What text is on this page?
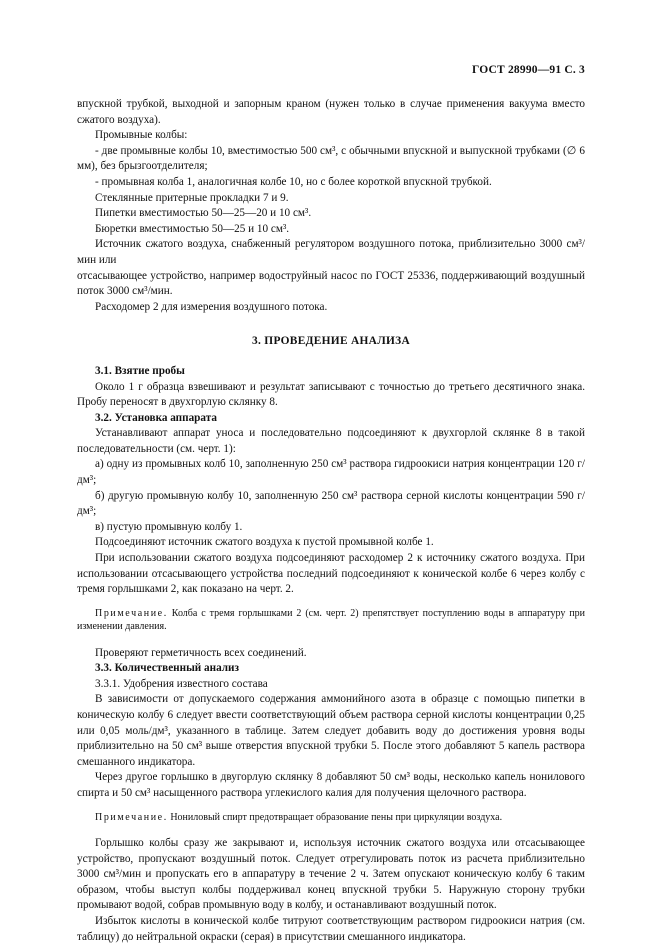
ГОСТ 28990—91 С. 3

впускной трубкой, выходной и запорным краном (нужен только в случае применения вакуума вместо сжатого воздуха).

Промывные колбы:

- две промывные колбы 10, вместимостью 500 см³, с обычными впускной и выпускной трубками (∅ 6 мм), без брызгоотделителя;

- промывная колба 1, аналогичная колбе 10, но с более короткой впускной трубкой.

Стеклянные притерные прокладки 7 и 9.

Пипетки вместимостью 50—25—20 и 10 см³.

Бюретки вместимостью 50—25 и 10 см³.

Источник сжатого воздуха, снабженный регулятором воздушного потока, приблизительно 3000 см³/мин или

отсасывающее устройство, например водоструйный насос по ГОСТ 25336, поддерживающий воздушный поток 3000 см³/мин.

Расходомер 2 для измерения воздушного потока.

3. ПРОВЕДЕНИЕ АНАЛИЗА

3.1. Взятие пробы

Около 1 г образца взвешивают и результат записывают с точностью до третьего десятичного знака. Пробу переносят в двухгорлую склянку 8.

3.2. Установка аппарата

Устанавливают аппарат уноса и последовательно подсоединяют к двухгорлой склянке 8 в такой последовательности (см. черт. 1):

а) одну из промывных колб 10, заполненную 250 см³ раствора гидроокиси натрия концентрации 120 г/дм³;

б) другую промывную колбу 10, заполненную 250 см³ раствора серной кислоты концентрации 590 г/дм³;

в) пустую промывную колбу 1.

Подсоединяют источник сжатого воздуха к пустой промывной колбе 1.

При использовании сжатого воздуха подсоединяют расходомер 2 к источнику сжатого воздуха. При использовании отсасывающего устройства последний подсоединяют к конической колбе 6 через колбу с тремя горлышками 2, как показано на черт. 2.

Примечание. Колба с тремя горлышками 2 (см. черт. 2) препятствует поступлению воды в аппаратуру при изменении давления.

Проверяют герметичность всех соединений.

3.3. Количественный анализ

3.3.1. Удобрения известного состава

В зависимости от допускаемого содержания аммонийного азота в образце с помощью пипетки в коническую колбу 6 следует ввести соответствующий объем раствора серной кислоты концентрации 0,25 или 0,05 моль/дм³, указанного в таблице. Затем следует добавить воду до достижения уровня воды приблизительно на 50 см³ выше отверстия впускной трубки 5. После этого добавляют 5 капель раствора смешанного индикатора.

Через другое горлышко в двугорлую склянку 8 добавляют 50 см³ воды, несколько капель нонилового спирта и 50 см³ насыщенного раствора углекислого калия для получения щелочного раствора.

Примечание. Нониловый спирт предотвращает образование пены при циркуляции воздуха.

Горлышко колбы сразу же закрывают и, используя источник сжатого воздуха или отсасывающее устройство, пропускают воздушный поток. Следует отрегулировать поток из расчета приблизительно 3000 см³/мин и пропускать его в аппаратуру в течение 2 ч. Затем опускают коническую колбу 6 таким образом, чтобы выступ колбы поддерживал конец впускной трубки 5. Наружную сторону трубки промывают водой, собрав промывную воду в колбу, и останавливают воздушный поток.

Избыток кислоты в конической колбе титруют соответствующим раствором гидроокиси натрия (см. таблицу) до нейтральной окраски (серая) в присутствии смешанного индикатора.
